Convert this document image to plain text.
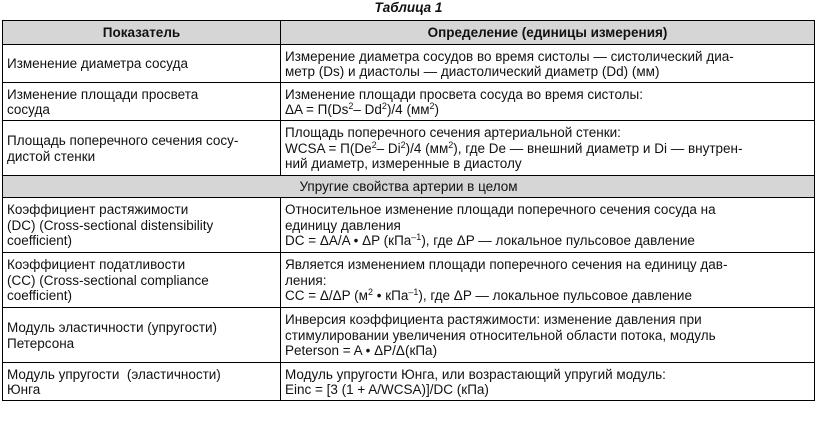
Таблица 1
Показатель	Определение (единицы измерения)

Изменение диаметра сосуда	Измерение диаметра сосудов во время систолы — систолический диа-
метр (Ds) и диастолы — диастолический диаметр (Dd) (мм)

Изменение площади просвета
сосуда	Изменение площади просвета сосуда во время систолы:
$\Delta A = П(Ds^2-$ Dd$^2$)/4 $(мм^2)$

Площадь поперечного сечения сосу-
дистой стенки	Площадь поперечного сечения артериальной стенки:
WCSA = $П(De^2-$ Di$^2$)/4 $(мм^2)$, где De — внешний диаметр и Di — внутрен-
ний диаметр, измеренные в диастолу

Упругие свойства артерии в целом	

Коэффициент растяжимости
(DC) (Cross-sectional distensibility
coefficient)	Относительное изменение площади поперечного сечения сосуда на
единицу давления
DC = ΔA/A • ΔP (кПа$^{-1}$), где ΔP — локальное пульсовое давление

Коэффициент податливости
(CC) (Cross-sectional compliance
coefficient)	Является изменением площади поперечного сечения на единицу дав-
ления:
CC = Δ/ΔP ($м^2$ • кПа$^{-1}$), где ΔP — локальное пульсовое давление

Модуль эластичности (упругости)
Петерсона	Инверсия коэффициента растяжимости: изменение давления при
стимулировании увеличения относительной области потока, модуль
Peterson = A • ΔP/Δ(кПа)

Модуль упругости  (эластичности)
Юнга	Модуль упругости Юнга, или возрастающий упругий модуль:
Einc = [3 (1 + A/WCSA)]/DC (кПа)
